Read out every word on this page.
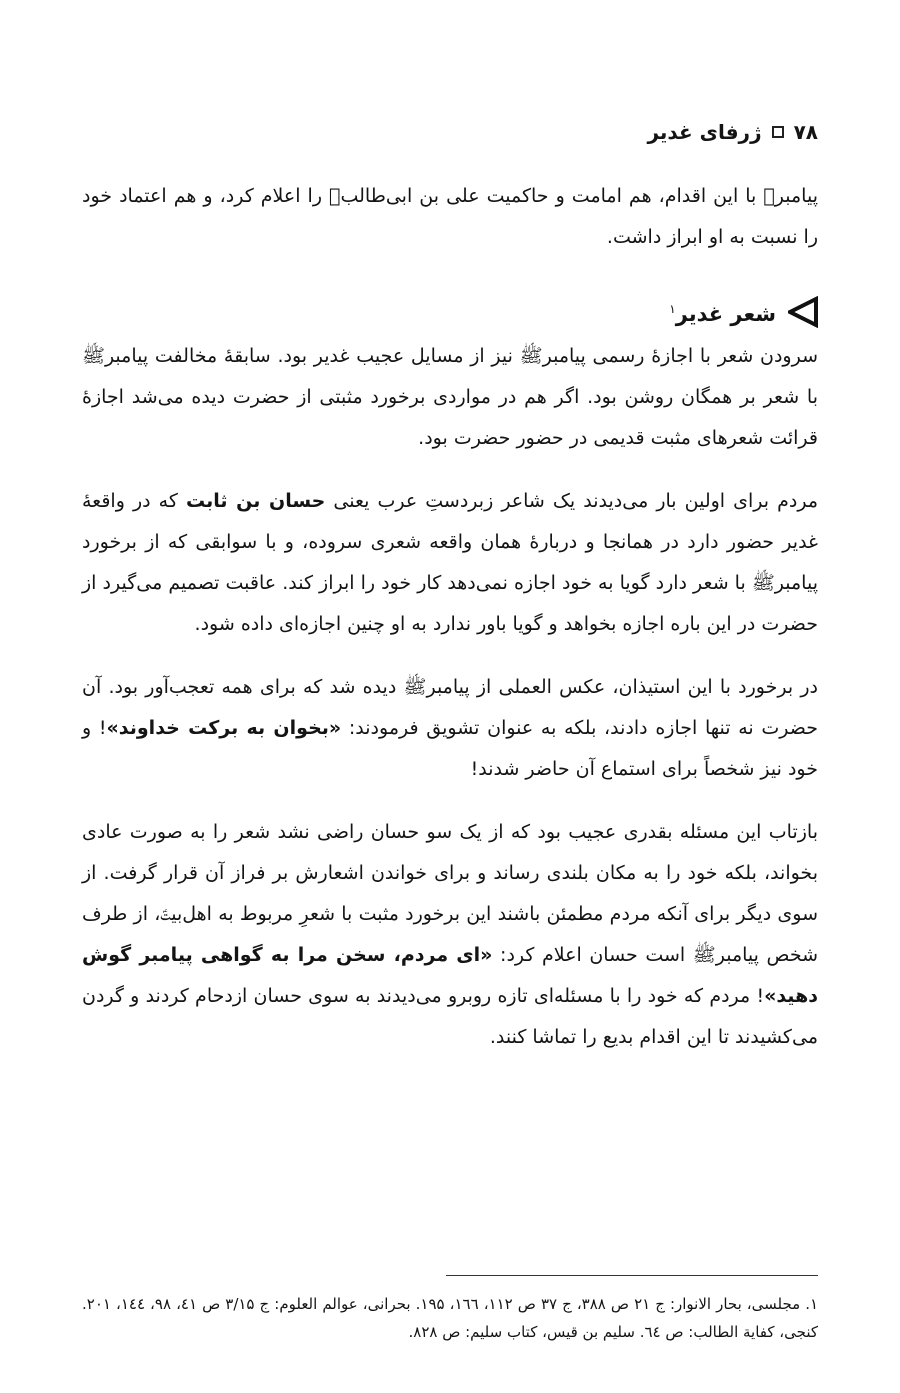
۷۸
ژرفای غدیر

پیامبرﷺ با این اقدام، هم امامت و حاکمیت علی بن ابی‌طالبؑ را اعلام کرد، و هم اعتماد خود را نسبت به او ابراز داشت.

شعر غدیر$^۱$

سرودن شعر با اجازهٔ رسمی پیامبرﷺ نیز از مسایل عجیب غدیر بود. سابقهٔ مخالفت پیامبرﷺ با شعر بر همگان روشن بود. اگر هم در مواردی برخورد مثبتی از حضرت دیده می‌شد اجازهٔ قرائت شعرهای مثبت قدیمی در حضور حضرت بود.

مردم برای اولین بار می‌دیدند یک شاعر زبردستِ عرب یعنی حسان بن ثابت که در واقعهٔ غدیر حضور دارد در همانجا و دربارهٔ همان واقعه شعری سروده، و با سوابقی که از برخورد پیامبرﷺ با شعر دارد گویا به خود اجازه نمی‌دهد کار خود را ابراز کند. عاقبت تصمیم می‌گیرد از حضرت در این باره اجازه بخواهد و گویا باور ندارد به او چنین اجازه‌ای داده شود.

در برخورد با این استیذان، عکس العملی از پیامبرﷺ دیده شد که برای همه تعجب‌آور بود. آن حضرت نه تنها اجازه دادند، بلکه به عنوان تشویق فرمودند: «بخوان به برکت خداوند»! و خود نیز شخصاً برای استماع آن حاضر شدند!

بازتاب این مسئله بقدری عجیب بود که از یک سو حسان راضی نشد شعر را به صورت عادی بخواند، بلکه خود را به مکان بلندی رساند و برای خواندن اشعارش بر فراز آن قرار گرفت. از سوی دیگر برای آنکه مردم مطمئن باشند این برخورد مثبت با شعرِ مربوط به اهل‌بیتؑ، از طرف شخص پیامبرﷺ است حسان اعلام کرد: «ای مردم، سخن مرا به گواهی پیامبر گوش دهید»! مردم که خود را با مسئله‌ای تازه روبرو می‌دیدند به سوی حسان ازدحام کردند و گردن می‌کشیدند تا این اقدام بدیع را تماشا کنند.

۱. مجلسی، بحار الانوار: ج ۲۱ ص ۳۸۸، ج ۳۷ ص ۱۱۲، ۱٦٦، ۱۹۵. بحرانی، عوالم العلوم: ج ۳/۱۵ ص ٤۱، ۹۸، ۱٤٤، ۲۰۱. کنجی، کفایة الطالب: ص ٦٤. سلیم بن قیس، کتاب سلیم: ص ۸۲۸.
